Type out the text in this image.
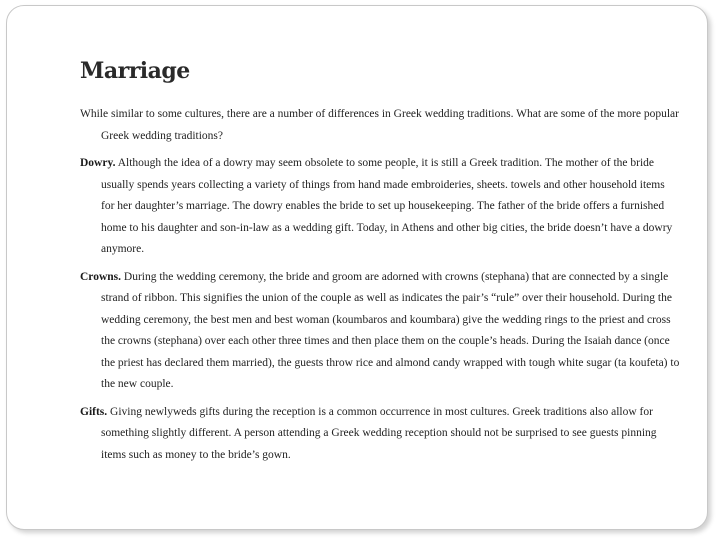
Marriage

While similar to some cultures, there are a number of differences in Greek wedding traditions. What are some of the more popular Greek wedding traditions?

Dowry. Although the idea of a dowry may seem obsolete to some people, it is still a Greek tradition. The mother of the bride usually spends years collecting a variety of things from hand made embroideries, sheets. towels and other household items for her daughter’s marriage. The dowry enables the bride to set up housekeeping. The father of the bride offers a furnished home to his daughter and son-in-law as a wedding gift. Today, in Athens and other big cities, the bride doesn’t have a dowry anymore.

Crowns. During the wedding ceremony, the bride and groom are adorned with crowns (stephana) that are connected by a single strand of ribbon. This signifies the union of the couple as well as indicates the pair’s “rule” over their household. During the wedding ceremony, the best men and best woman (koumbaros and koumbara) give the wedding rings to the priest and cross the crowns (stephana) over each other three times and then place them on the couple’s heads. During the Isaiah dance (once the priest has declared them married), the guests throw rice and almond candy wrapped with tough white sugar (ta koufeta) to the new couple.

Gifts. Giving newlyweds gifts during the reception is a common occurrence in most cultures. Greek traditions also allow for something slightly different. A person attending a Greek wedding reception should not be surprised to see guests pinning items such as money to the bride’s gown.
